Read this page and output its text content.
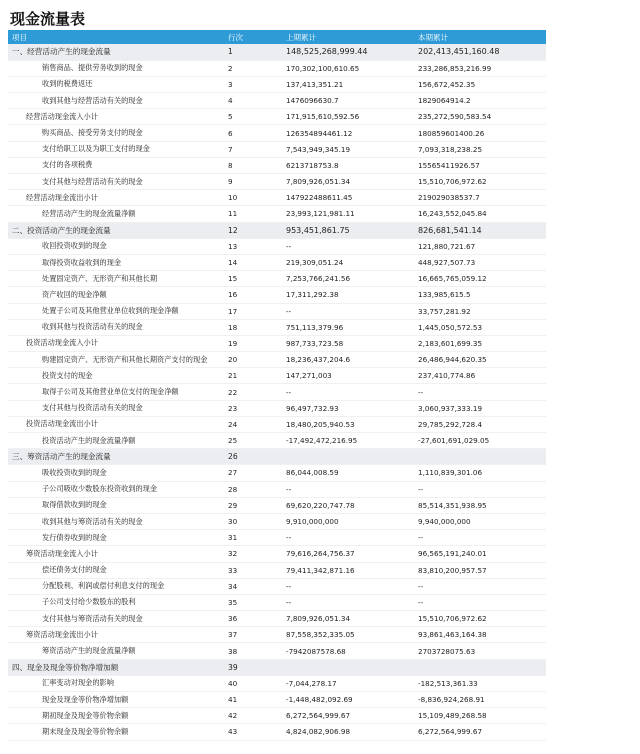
现金流量表
项目	行次	上期累计	本期累计
一、经营活动产生的现金流量	1	148,525,268,999.44	202,413,451,160.48
销售商品、提供劳务收到的现金	2	170,302,100,610.65	233,286,853,216.99
收到的税费返还	3	137,413,351.21	156,672,452.35
收到其他与经营活动有关的现金	4	1476096630.7	1829064914.2
经营活动现金流入小计	5	171,915,610,592.56	235,272,590,583.54
购买商品、接受劳务支付的现金	6	126354894461.12	180859601400.26
支付给职工以及为职工支付的现金	7	7,543,949,345.19	7,093,318,238.25
支付的各项税费	8	6213718753.8	15565411926.57
支付其他与经营活动有关的现金	9	7,809,926,051.34	15,510,706,972.62
经营活动现金流出小计	10	147922488611.45	219029038537.7
经营活动产生的现金流量净额	11	23,993,121,981.11	16,243,552,045.84
二、投资活动产生的现金流量	12	953,451,861.75	826,681,541.14
收回投资收到的现金	13	--	121,880,721.67
取得投资收益收到的现金	14	219,309,051.24	448,927,507.73
处置固定资产、无形资产和其他长期	15	7,253,766,241.56	16,665,765,059.12
资产收回的现金净额	16	17,311,292.38	133,985,615.5
处置子公司及其他营业单位收到的现金净额	17	--	33,757,281.92
收到其他与投资活动有关的现金	18	751,113,379.96	1,445,050,572.53
投资活动现金流入小计	19	987,733,723.58	2,183,601,699.35
购建固定资产、无形资产和其他长期资产支付的现金	20	18,236,437,204.6	26,486,944,620.35
投资支付的现金	21	147,271,003	237,410,774.86
取得子公司及其他营业单位支付的现金净额	22	--	--
支付其他与投资活动有关的现金	23	96,497,732.93	3,060,937,333.19
投资活动现金流出小计	24	18,480,205,940.53	29,785,292,728.4
投资活动产生的现金流量净额	25	-17,492,472,216.95	-27,601,691,029.05
三、筹资活动产生的现金流量	26		
吸收投资收到的现金	27	86,044,008.59	1,110,839,301.06
子公司吸收少数股东投资收到的现金	28	--	--
取得借款收到的现金	29	69,620,220,747.78	85,514,351,938.95
收到其他与筹资活动有关的现金	30	9,910,000,000	9,940,000,000
发行债券收到的现金	31	--	--
筹资活动现金流入小计	32	79,616,264,756.37	96,565,191,240.01
偿还债务支付的现金	33	79,411,342,871.16	83,810,200,957.57
分配股利、利润或偿付利息支付的现金	34	--	--
子公司支付给少数股东的股利	35	--	--
支付其他与筹资活动有关的现金	36	7,809,926,051.34	15,510,706,972.62
筹资活动现金流出小计	37	87,558,352,335.05	93,861,463,164.38
筹资活动产生的现金流量净额	38	-7942087578.68	2703728075.63
四、现金及现金等价物净增加额	39		
汇率变动对现金的影响	40	-7,044,278.17	-182,513,361.33
现金及现金等价物净增加额	41	-1,448,482,092.69	-8,836,924,268.91
期初现金及现金等价物余额	42	6,272,564,999.67	15,109,489,268.58
期末现金及现金等价物余额	43	4,824,082,906.98	6,272,564,999.67
